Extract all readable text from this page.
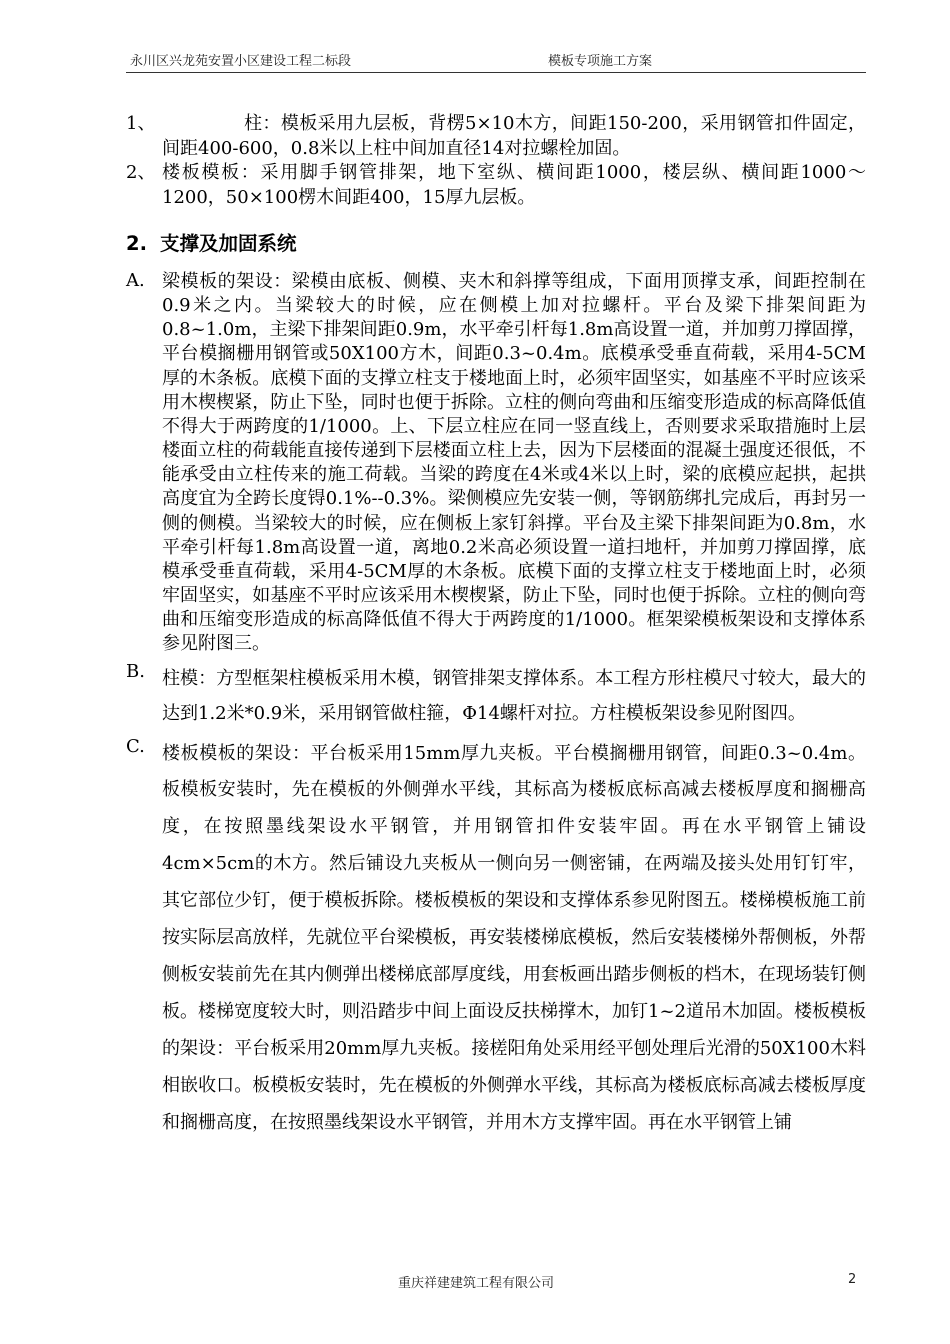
永川区兴龙苑安置小区建设工程二标段	模板专项施工方案
1、	柱：模板采用九层板，背楞5×10木方，间距150-200，采用钢管扣件固定，间距400-600，0.8米以上柱中间加直径14对拉螺栓加固。
2、 楼板模板：采用脚手钢管排架，地下室纵、横间距1000，楼层纵、横间距1000～1200，50×100楞木间距400，15厚九层板。
2. 支撑及加固系统
A. 梁模板的架设：梁模由底板、侧模、夹木和斜撑等组成，下面用顶撑支承，间距控制在0.9米之内。当梁较大的时候，应在侧模上加对拉螺杆。平台及梁下排架间距为0.8~1.0m，主梁下排架间距0.9m，水平牵引杆每1.8m高设置一道，并加剪刀撑固撑，平台模搁栅用钢管或50X100方木，间距0.3~0.4m。底模承受垂直荷载，采用4-5CM厚的木条板。底模下面的支撑立柱支于楼地面上时，必须牢固坚实，如基座不平时应该采用木楔楔紧，防止下坠，同时也便于拆除。立柱的侧向弯曲和压缩变形造成的标高降低值不得大于两跨度的1/1000。上、下层立柱应在同一竖直线上，否则要求采取措施时上层楼面立柱的荷载能直接传递到下层楼面立柱上去，因为下层楼面的混凝土强度还很低，不能承受由立柱传来的施工荷载。当梁的跨度在4米或4米以上时，梁的底模应起拱，起拱高度宜为全跨长度锝0.1%--0.3%。梁侧模应先安装一侧，等钢筋绑扎完成后，再封另一侧的侧模。当梁较大的时候，应在侧板上家钉斜撑。平台及主梁下排架间距为0.8m，水平牵引杆每1.8m高设置一道，离地0.2米高必须设置一道扫地杆，并加剪刀撑固撑，底模承受垂直荷载，采用4-5CM厚的木条板。底模下面的支撑立柱支于楼地面上时，必须牢固坚实，如基座不平时应该采用木楔楔紧，防止下坠，同时也便于拆除。立柱的侧向弯曲和压缩变形造成的标高降低值不得大于两跨度的1/1000。框架梁模板架设和支撑体系参见附图三。
B. 柱模：方型框架柱模板采用木模，钢管排架支撑体系。本工程方形柱模尺寸较大，最大的达到1.2米*0.9米，采用钢管做柱箍，Φ14螺杆对拉。方柱模板架设参见附图四。
C. 楼板模板的架设：平台板采用15mm厚九夹板。平台模搁栅用钢管，间距0.3~0.4m。板模板安装时，先在模板的外侧弹水平线，其标高为楼板底标高减去楼板厚度和搁栅高度，在按照墨线架设水平钢管，并用钢管扣件安装牢固。再在水平钢管上铺设4cm×5cm的木方。然后铺设九夹板从一侧向另一侧密铺，在两端及接头处用钉钉牢，其它部位少钉，便于模板拆除。楼板模板的架设和支撑体系参见附图五。楼梯模板施工前按实际层高放样，先就位平台梁模板，再安装楼梯底模板，然后安装楼梯外帮侧板，外帮侧板安装前先在其内侧弹出楼梯底部厚度线，用套板画出踏步侧板的档木，在现场装钉侧板。楼梯宽度较大时，则沿踏步中间上面设反扶梯撑木，加钉1~2道吊木加固。楼板模板的架设：平台板采用20mm厚九夹板。接槎阳角处采用经平刨处理后光滑的50X100木料相嵌收口。板模板安装时，先在模板的外侧弹水平线，其标高为楼板底标高减去楼板厚度和搁栅高度，在按照墨线架设水平钢管，并用木方支撑牢固。再在水平钢管上铺
重庆祥建建筑工程有限公司	2
